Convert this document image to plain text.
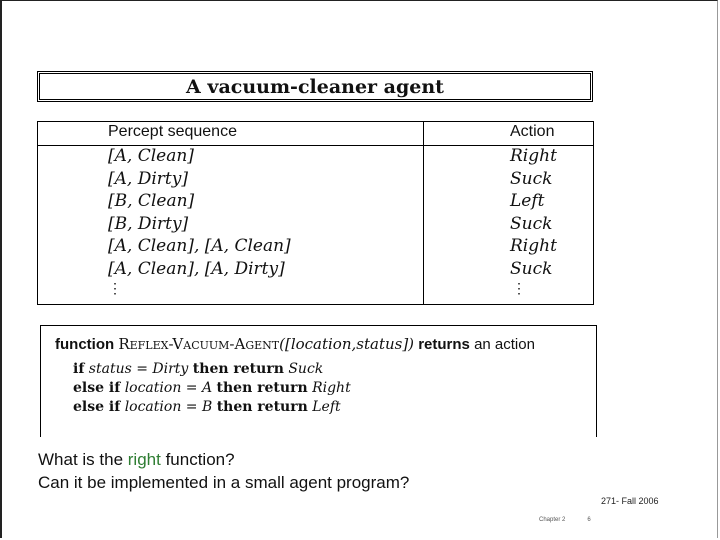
A vacuum-cleaner agent
Percept sequence	Action
[A, Clean]	Right
[A, Dirty]	Suck
[B, Clean]	Left
[B, Dirty]	Suck
[A, Clean], [A, Clean]	Right
[A, Clean], [A, Dirty]	Suck
⋮	⋮
function Reflex-Vacuum-Agent([location,status]) returns an action
if status = Dirty then return Suck
else if location = A then return Right
else if location = B then return Left
What is the right function?
Can it be implemented in a small agent program?
271- Fall 2006
Chapter 2	6
